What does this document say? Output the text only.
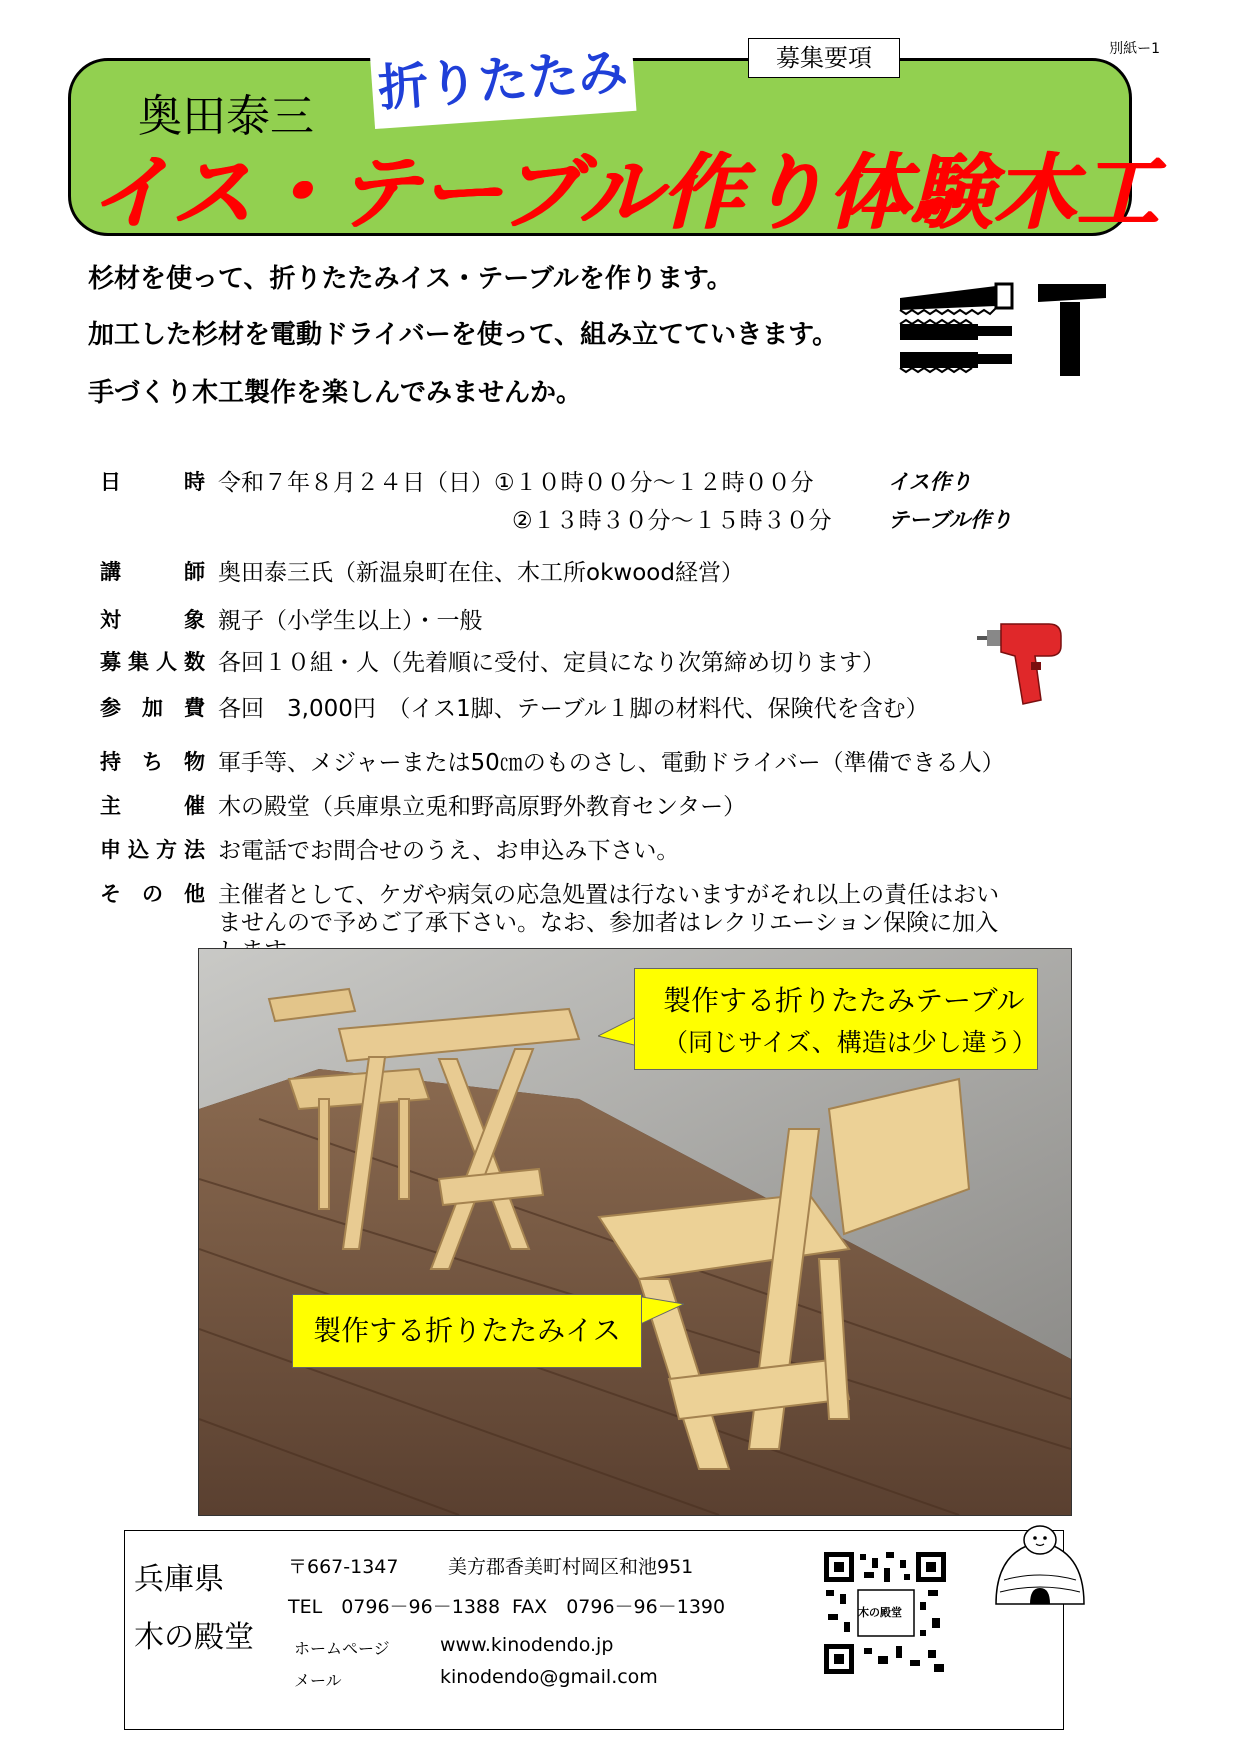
別紙ー1
奥田泰三 折りたたみ	募集要項
イス・テーブル作り体験木工
杉材を使って、折りたたみイス・テーブルを作ります。
加工した杉材を電動ドライバーを使って、組み立てていきます。
手づくり木工製作を楽しんでみませんか。
日　時 令和７年８月２４日（日）①１０時００分～１２時００分	イス作り
②１３時３０分～１５時３０分	テーブル作り
講　師 奥田泰三氏（新温泉町在住、木工所okwood経営）
対　象 親子（小学生以上）・一般
募集人数 各回１０組・人（先着順に受付、定員になり次第締め切ります）
参加費 各回　3,000円　（イス1脚、テーブル１脚の材料代、保険代を含む）
持ち物 軍手等、メジャーまたは50㎝のものさし、電動ドライバー（準備できる人）
主　催 木の殿堂（兵庫県立兎和野高原野外教育センター）
申込方法 お電話でお問合せのうえ、お申込み下さい。
その他 主催者として、ケガや病気の応急処置は行ないますがそれ以上の責任はおい
ませんので予めご了承下さい。なお、参加者はレクリエーション保険に加入
製作する折りたたみテーブル
（同じサイズ、構造は少し違う）
製作する折りたたみイス
兵庫県
木の殿堂
〒667-1347	美方郡香美町村岡区和池951
TEL　0796－96－1388 FAX　0796－96－1390
ホームページ	www.kinodendo.jp
メール	kinodendo@gmail.com
木の殿堂
